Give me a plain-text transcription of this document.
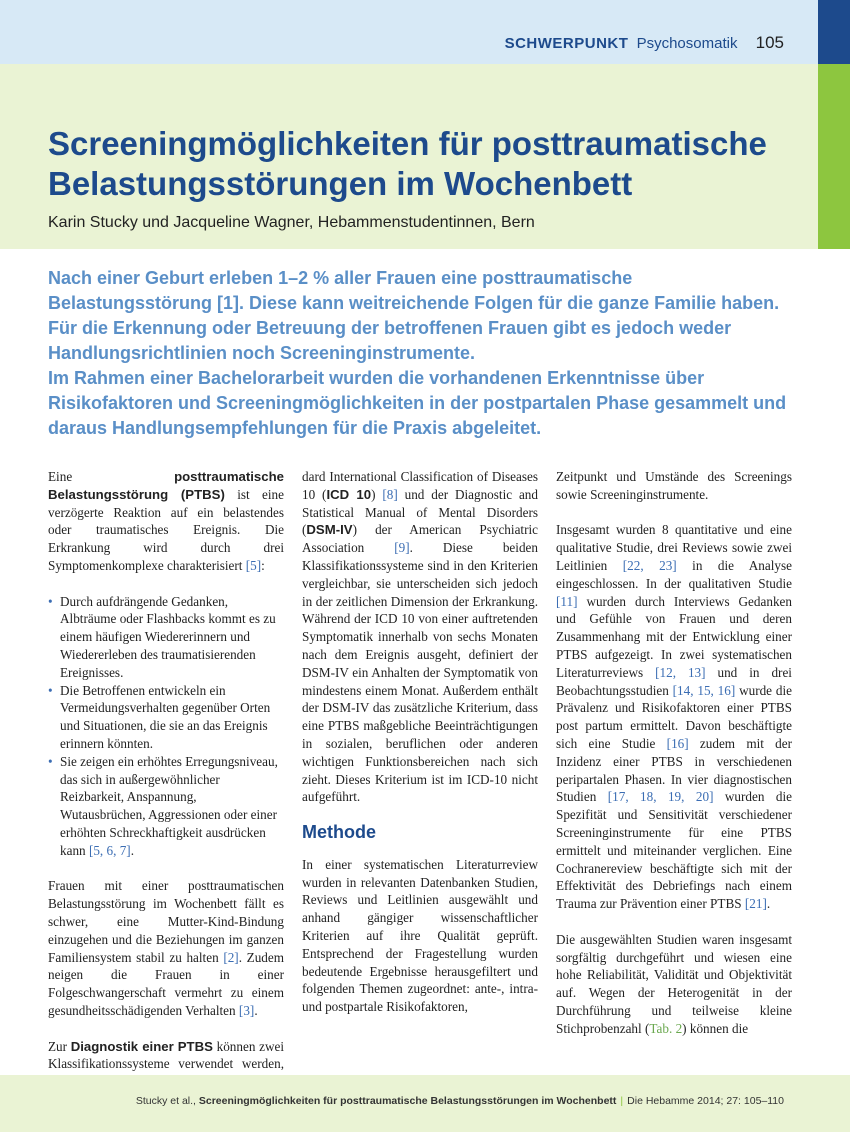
SCHWERPUNKT Psychosomatik 105
Screeningmöglichkeiten für posttraumatische Belastungsstörungen im Wochenbett
Karin Stucky und Jacqueline Wagner, Hebammenstudentinnen, Bern

Nach einer Geburt erleben 1–2 % aller Frauen eine posttraumatische Belastungsstörung [1]. Diese kann weitreichende Folgen für die ganze Familie haben. Für die Erkennung oder Betreuung der betroffenen Frauen gibt es jedoch weder Handlungsrichtlinien noch Screeninginstrumente.

Im Rahmen einer Bachelorarbeit wurden die vorhandenen Erkenntnisse über Risikofaktoren und Screeningmöglichkeiten in der postpartalen Phase gesammelt und daraus Handlungsempfehlungen für die Praxis abgeleitet.

Eine posttraumatische Belastungsstörung (PTBS) ist eine verzögerte Reaktion auf ein belastendes oder traumatisches Ereignis. Die Erkrankung wird durch drei Symptomenkomplexe charakterisiert [5]:

• Durch aufdrängende Gedanken, Albträume oder Flashbacks kommt es zu einem häufigen Wiedererinnern und Wiedererleben des traumatisierenden Ereignisses.
• Die Betroffenen entwickeln ein Vermeidungsverhalten gegenüber Orten und Situationen, die sie an das Ereignis erinnern könnten.
• Sie zeigen ein erhöhtes Erregungsniveau, das sich in außergewöhnlicher Reizbarkeit, Anspannung, Wutausbrüchen, Aggressionen oder einer erhöhten Schreckhaftigkeit ausdrücken kann [5, 6, 7].

Frauen mit einer posttraumatischen Belastungsstörung im Wochenbett fällt es schwer, eine Mutter-Kind-Bindung einzugehen und die Beziehungen im ganzen Familiensystem stabil zu halten [2]. Zudem neigen die Frauen in einer Folgeschwangerschaft vermehrt zu einem gesundheitsschädigenden Verhalten [3].

Zur Diagnostik einer PTBS können zwei Klassifikationssysteme verwendet werden,

dard International Classification of Diseases 10 (ICD 10) [8] und der Diagnostic and Statistical Manual of Mental Disorders (DSM-IV) der American Psychiatric Association [9]. Diese beiden Klassifikationssysteme sind in den Kriterien vergleichbar, sie unterscheiden sich jedoch in der zeitlichen Dimension der Erkrankung. Während der ICD 10 von einer auftretenden Symptomatik innerhalb von sechs Monaten nach dem Ereignis ausgeht, definiert der DSM-IV ein Anhalten der Symptomatik von mindestens einem Monat. Außerdem enthält der DSM-IV das zusätzliche Kriterium, dass eine PTBS maßgebliche Beeinträchtigungen in sozialen, beruflichen oder anderen wichtigen Funktionsbereichen nach sich zieht. Dieses Kriterium ist im ICD-10 nicht aufgeführt.

Methode

In einer systematischen Literaturreview wurden in relevanten Datenbanken Studien, Reviews und Leitlinien ausgewählt und anhand gängiger wissenschaftlicher Kriterien auf ihre Qualität geprüft. Entsprechend der Fragestellung wurden bedeutende Ergebnisse herausgefiltert und folgenden Themen zugeordnet: ante-, intra- und postpartale Risikofaktoren,

Zeitpunkt und Umstände des Screenings sowie Screeninginstrumente.

Insgesamt wurden 8 quantitative und eine qualitative Studie, drei Reviews sowie zwei Leitlinien [22, 23] in die Analyse eingeschlossen. In der qualitativen Studie [11] wurden durch Interviews Gedanken und Gefühle von Frauen und deren Zusammenhang mit der Entwicklung einer PTBS aufgezeigt. In zwei systematischen Literaturreviews [12, 13] und in drei Beobachtungsstudien [14, 15, 16] wurde die Prävalenz und Risikofaktoren einer PTBS post partum ermittelt. Davon beschäftigte sich eine Studie [16] zudem mit der Inzidenz einer PTBS in verschiedenen peripartalen Phasen. In vier diagnostischen Studien [17, 18, 19, 20] wurden die Spezifität und Sensitivität verschiedener Screeninginstrumente für eine PTBS ermittelt und miteinander verglichen. Eine Cochranereview beschäftigte sich mit der Effektivität des Debriefings nach einem Trauma zur Prävention einer PTBS [21].

Die ausgewählten Studien waren insgesamt sorgfältig durchgeführt und wiesen eine hohe Reliabilität, Validität und Objektivität auf. Wegen der Heterogenität in der Durchführung und teilweise kleine Stichprobenzahl (Tab. 2) können die

Stucky et al., Screeningmöglichkeiten für posttraumatische Belastungsstörungen im Wochenbett | Die Hebamme 2014; 27: 105–110
